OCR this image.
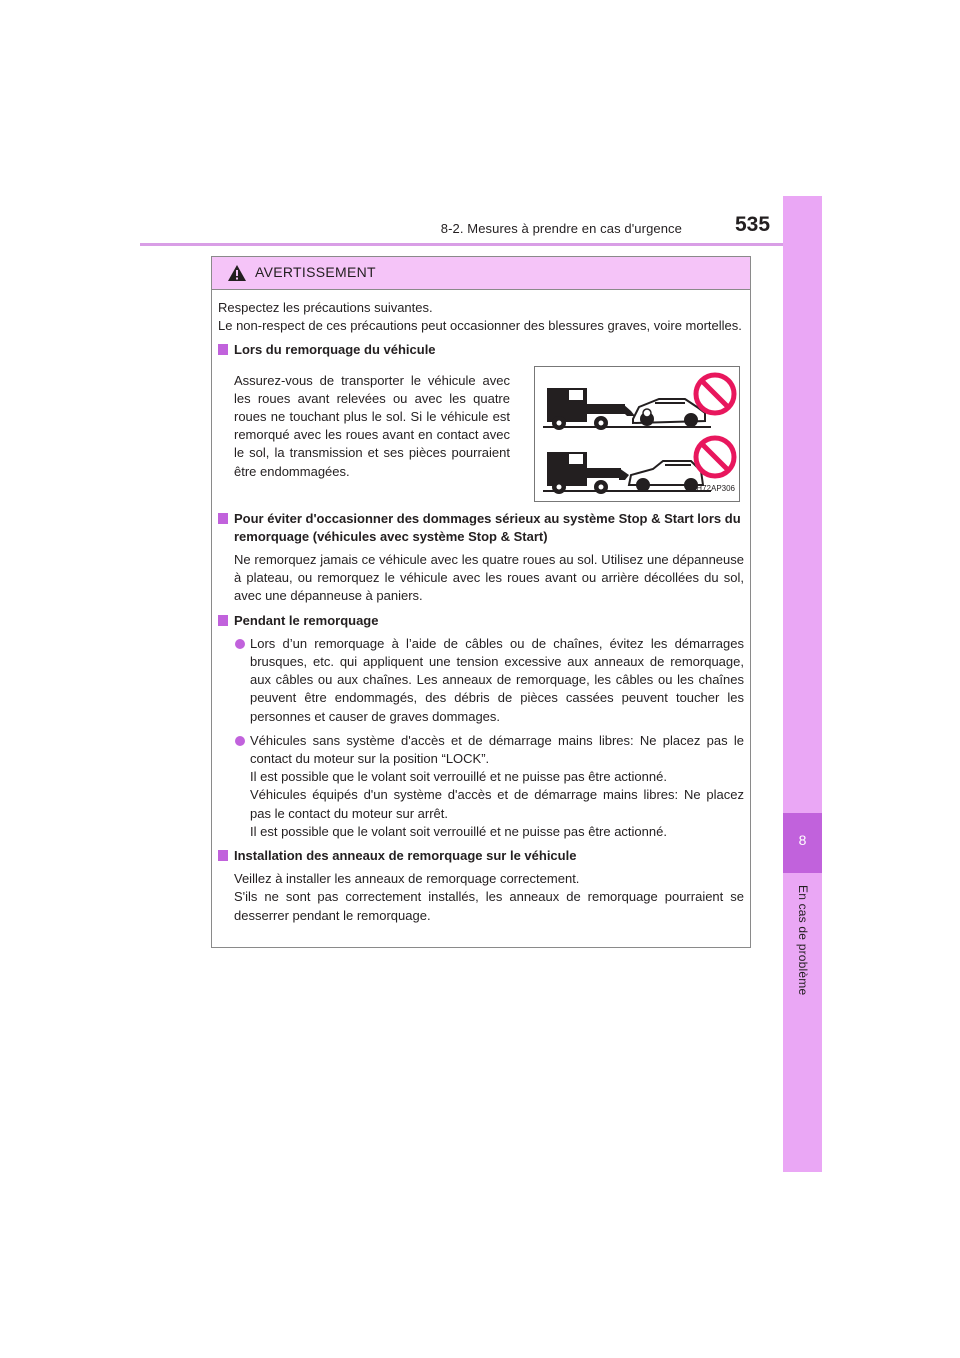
8-2. Mesures à prendre en cas d'urgence	535
8
En cas de problème
AVERTISSEMENT

Respectez les précautions suivantes.
Le non-respect de ces précautions peut occasionner des blessures graves, voire mortelles.

Lors du remorquage du véhicule
Assurez-vous de transporter le véhicule avec les roues avant relevées ou avec les quatre roues ne touchant plus le sol. Si le véhicule est remorqué avec les roues avant en contact avec le sol, la transmission et ses pièces pourraient être endommagées.
CTH72AP306
Pour éviter d'occasionner des dommages sérieux au système Stop & Start lors du remorquage (véhicules avec système Stop & Start)

Ne remorquez jamais ce véhicule avec les quatre roues au sol. Utilisez une dépanneuse à plateau, ou remorquez le véhicule avec les roues avant ou arrière décollées du sol, avec une dépanneuse à paniers.

Pendant le remorquage
Lors d’un remorquage à l’aide de câbles ou de chaînes, évitez les démarrages brusques, etc. qui appliquent une tension excessive aux anneaux de remorquage, aux câbles ou aux chaînes. Les anneaux de remorquage, les câbles ou les chaînes peuvent être endommagés, des débris de pièces cassées peuvent toucher les personnes et causer de graves dommages.
Véhicules sans système d'accès et de démarrage mains libres: Ne placez pas le contact du moteur sur la position “LOCK”.
Il est possible que le volant soit verrouillé et ne puisse pas être actionné.
Véhicules équipés d'un système d'accès et de démarrage mains libres: Ne placez pas le contact du moteur sur arrêt.
Il est possible que le volant soit verrouillé et ne puisse pas être actionné.
Installation des anneaux de remorquage sur le véhicule

Veillez à installer les anneaux de remorquage correctement.
S'ils ne sont pas correctement installés, les anneaux de remorquage pourraient se desserrer pendant le remorquage.
